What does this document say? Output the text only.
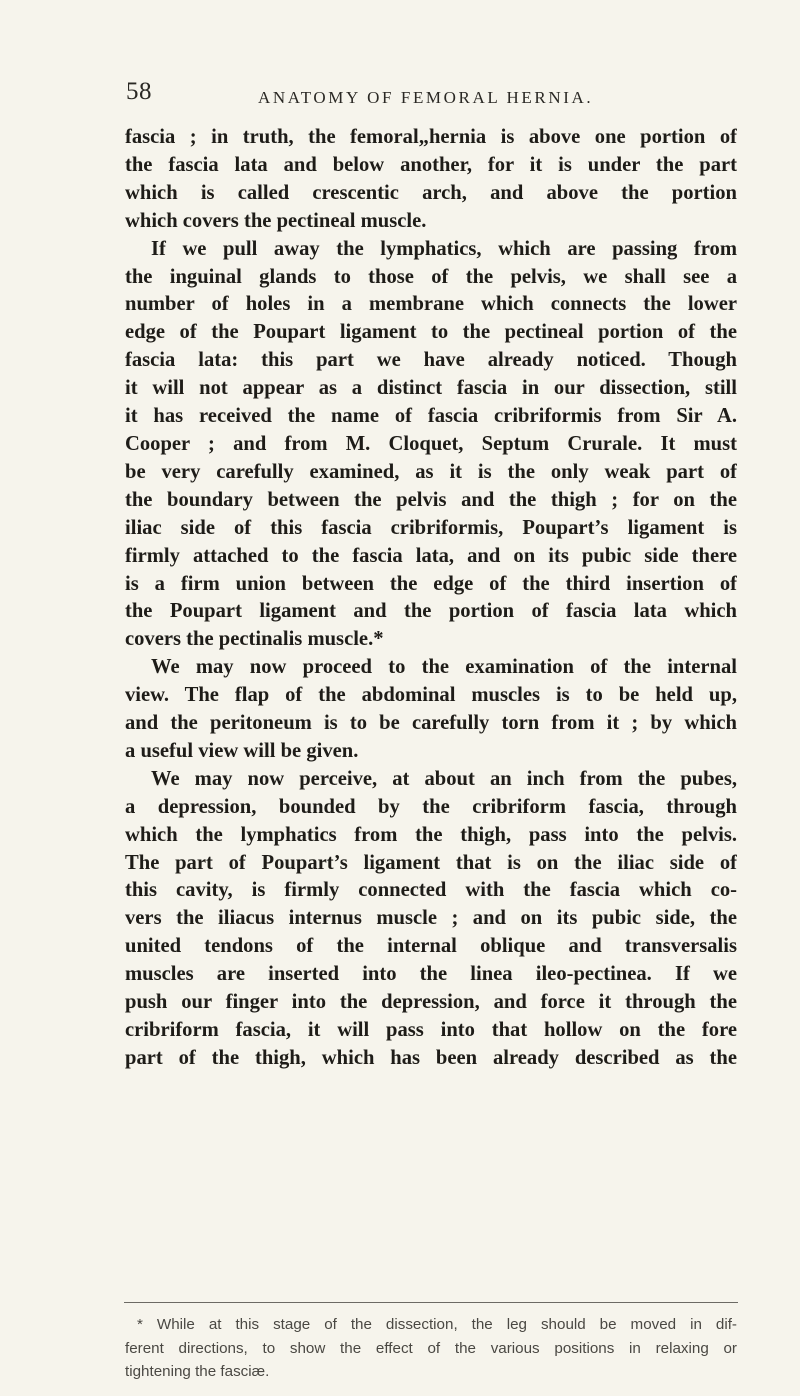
58	ANATOMY OF FEMORAL HERNIA.
fascia ; in truth, the femoral„hernia is above one portion of
the fascia lata and below another, for it is under the part
which is called crescentic arch, and above the portion
which covers the pectineal muscle.
If we pull away the lymphatics, which are passing from
the inguinal glands to those of the pelvis, we shall see a
number of holes in a membrane which connects the lower
edge of the Poupart ligament to the pectineal portion of the
fascia lata: this part we have already noticed. Though
it will not appear as a distinct fascia in our dissection, still
it has received the name of fascia cribriformis from Sir A.
Cooper ; and from M. Cloquet, Septum Crurale. It must
be very carefully examined, as it is the only weak part of
the boundary between the pelvis and the thigh ; for on the
iliac side of this fascia cribriformis, Poupart’s ligament is
firmly attached to the fascia lata, and on its pubic side there
is a firm union between the edge of the third insertion of
the Poupart ligament and the portion of fascia lata which
covers the pectinalis muscle.*
We may now proceed to the examination of the internal
view. The flap of the abdominal muscles is to be held up,
and the peritoneum is to be carefully torn from it ; by which
a useful view will be given.
We may now perceive, at about an inch from the pubes,
a depression, bounded by the cribriform fascia, through
which the lymphatics from the thigh, pass into the pelvis.
The part of Poupart’s ligament that is on the iliac side of
this cavity, is firmly connected with the fascia which co-
vers the iliacus internus muscle ; and on its pubic side, the
united tendons of the internal oblique and transversalis
muscles are inserted into the linea ileo-pectinea. If we
push our finger into the depression, and force it through the
cribriform fascia, it will pass into that hollow on the fore
part of the thigh, which has been already described as the
* While at this stage of the dissection, the leg should be moved in dif-
ferent directions, to show the effect of the various positions in relaxing or
tightening the fasciæ.
